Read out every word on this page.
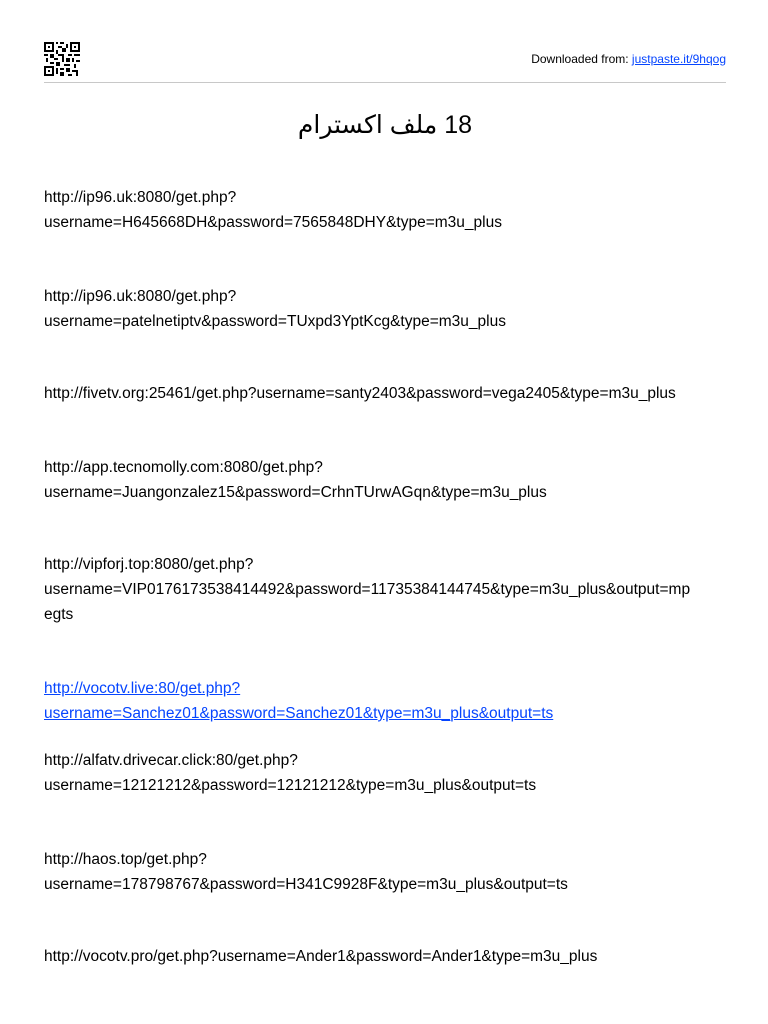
Downloaded from: justpaste.it/9hqog
18 ملف اكسترام
http://ip96.uk:8080/get.php?
username=H645668DH&password=7565848DHY&type=m3u_plus
http://ip96.uk:8080/get.php?
username=patelnetiptv&password=TUxpd3YptKcg&type=m3u_plus
http://fivetv.org:25461/get.php?username=santy2403&password=vega2405&type=m3u_plus
http://app.tecnomolly.com:8080/get.php?
username=Juangonzalez15&password=CrhnTUrwAGqn&type=m3u_plus
http://vipforj.top:8080/get.php?
username=VIP0176173538414492&password=11735384144745&type=m3u_plus&output=mp
egts
http://vocotv.live:80/get.php?
username=Sanchez01&password=Sanchez01&type=m3u_plus&output=ts
http://alfatv.drivecar.click:80/get.php?
username=12121212&password=12121212&type=m3u_plus&output=ts
http://haos.top/get.php?
username=178798767&password=H341C9928F&type=m3u_plus&output=ts
http://vocotv.pro/get.php?username=Ander1&password=Ander1&type=m3u_plus
